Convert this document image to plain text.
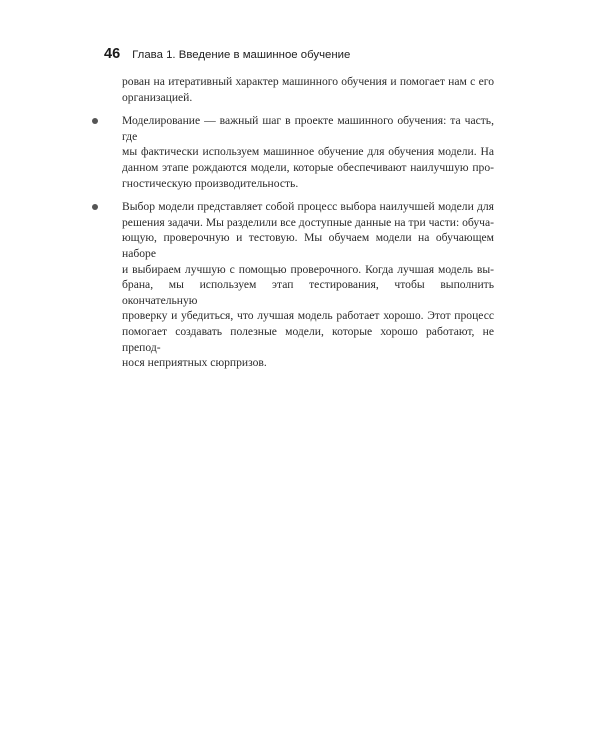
46 Глава 1. Введение в машинное обучение
рован на итеративный характер машинного обучения и помогает нам с его
организацией.
Моделирование — важный шаг в проекте машинного обучения: та часть, где
мы фактически используем машинное обучение для обучения модели. На
данном этапе рождаются модели, которые обеспечивают наилучшую про-
гностическую производительность.
Выбор модели представляет собой процесс выбора наилучшей модели для
решения задачи. Мы разделили все доступные данные на три части: обуча-
ющую, проверочную и тестовую. Мы обучаем модели на обучающем наборе
и выбираем лучшую с помощью проверочного. Когда лучшая модель вы-
брана, мы используем этап тестирования, чтобы выполнить окончательную
проверку и убедиться, что лучшая модель работает хорошо. Этот процесс
помогает создавать полезные модели, которые хорошо работают, не препод-
нося неприятных сюрпризов.
